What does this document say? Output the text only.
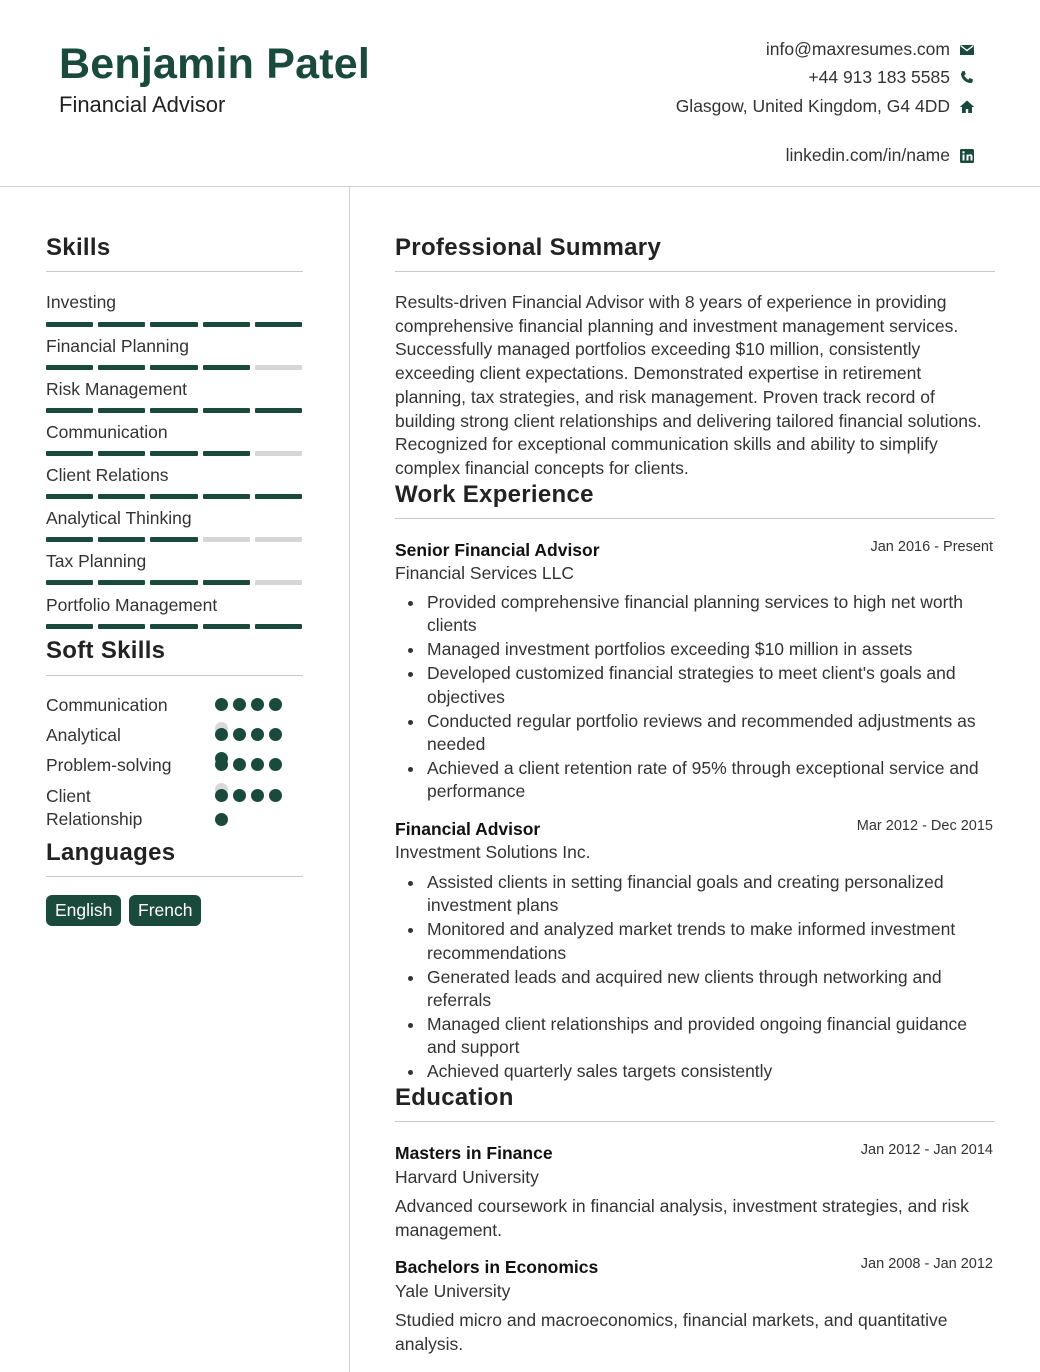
Benjamin Patel
Financial Advisor
info@maxresumes.com
+44 913 183 5585
Glasgow, United Kingdom, G4 4DD
linkedin.com/in/name
Skills
Investing
Financial Planning
Risk Management
Communication
Client Relations
Analytical Thinking
Tax Planning
Portfolio Management
Soft Skills
Communication
Analytical
Problem-solving
Client
Relationship
Languages
English	French
Professional Summary
Results-driven Financial Advisor with 8 years of experience in providing comprehensive financial planning and investment management services. Successfully managed portfolios exceeding $10 million, consistently exceeding client expectations. Demonstrated expertise in retirement planning, tax strategies, and risk management. Proven track record of building strong client relationships and delivering tailored financial solutions. Recognized for exceptional communication skills and ability to simplify complex financial concepts for clients.
Work Experience
Senior Financial Advisor	Jan 2016 - Present
Financial Services LLC
Provided comprehensive financial planning services to high net worth clients
Managed investment portfolios exceeding $10 million in assets
Developed customized financial strategies to meet client's goals and objectives
Conducted regular portfolio reviews and recommended adjustments as needed
Achieved a client retention rate of 95% through exceptional service and performance
Financial Advisor	Mar 2012 - Dec 2015
Investment Solutions Inc.
Assisted clients in setting financial goals and creating personalized investment plans
Monitored and analyzed market trends to make informed investment recommendations
Generated leads and acquired new clients through networking and referrals
Managed client relationships and provided ongoing financial guidance and support
Achieved quarterly sales targets consistently
Education
Masters in Finance	Jan 2012 - Jan 2014
Harvard University
Advanced coursework in financial analysis, investment strategies, and risk management.
Bachelors in Economics	Jan 2008 - Jan 2012
Yale University
Studied micro and macroeconomics, financial markets, and quantitative analysis.
